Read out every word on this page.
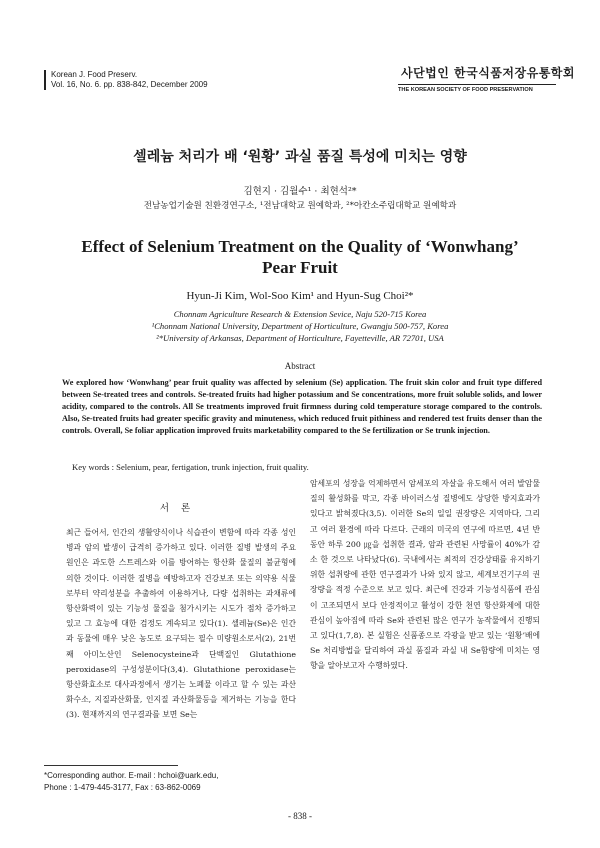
Korean J. Food Preserv.
Vol. 16, No. 6. pp. 838-842, December 2009
사단법인 한국식품저장유통학회
THE KOREAN SOCIETY OF FOOD PRESERVATION
셀레늄 처리가 배 ‘원황’ 과실 품질 특성에 미치는 영향
김현지 · 김월수¹ · 최현석²*
전남농업기술원 친환경연구소, ¹전남대학교 원예학과, ²*아칸소주립대학교 원예학과
Effect of Selenium Treatment on the Quality of ‘Wonwhang’
Pear Fruit
Hyun-Ji Kim, Wol-Soo Kim¹ and Hyun-Sug Choi²*
Chonnam Agriculture Research & Extension Sevice, Naju 520-715 Korea
¹Chonnam National University, Department of Horticulture, Gwangju 500-757, Korea
²*University of Arkansas, Department of Horticulture, Fayetteville, AR 72701, USA
Abstract
We explored how ‘Wonwhang’ pear fruit quality was affected by selenium (Se) application. The fruit skin color and fruit type differed between Se-treated trees and controls. Se-treated fruits had higher potassium and Se concentrations, more fruit soluble solids, and lower acidity, compared to the controls. All Se treatments improved fruit firmness during cold temperature storage compared to the controls. Also, Se-treated fruits had greater specific gravity and minuteness, which reduced fruit pithiness and rendered test fruits denser than the controls. Overall, Se foliar application improved fruits marketability compared to the Se fertilization or Se trunk injection.
Key words : Selenium, pear, fertigation, trunk injection, fruit quality.
서론
최근 들어서, 인간의 생활양식이나 식습관이 변함에 따라 각종 성인병과 암의 발생이 급격히 증가하고 있다. 이러한 질병 발생의 주요 원인은 과도한 스트레스와 이를 방어하는 항산화 물질의 불균형에 의한 것이다. 이러한 질병을 예방하고자 건강보조 또는 의약용 식물로부터 약리성분을 추출하여 이용하거나, 다량 섭취하는 과채류에 항산화력이 있는 기능성 물질을 첨가시키는 시도가 점차 증가하고 있고 그 효능에 대한 검정도 계속되고 있다(1). 셀레늄(Se)은 인간과 동물에 매우 낮은 농도로 요구되는 필수 미량원소로서(2), 21번째 아미노산인 Selenocysteine과 단백질인 Glutathione peroxidase의 구성성분이다(3,4). Glutathione peroxidase는 항산화효소로 대사과정에서 생기는 노폐물 이라고 할 수 있는 과산화수소, 지질과산화물, 인지질 과산화물등을 제거하는 기능을 한다(3). 현재까지의 연구결과를 보면 Se는
암세포의 성장을 억제하면서 암세포의 자살을 유도해서 여러 발암물질의 활성화를 막고, 각종 바이러스성 질병에도 상당한 방지효과가 있다고 밝혀졌다(3,5). 이러한 Se의 일일 권장량은 지역마다, 그리고 여러 환경에 따라 다르다. 근래의 미국의 연구에 따르면, 4년 반 동안 하루 200 ㎍을 섭취한 결과, 암과 관련된 사망률이 40%가 감소 한 것으로 나타났다(6). 국내에서는 최적의 건강상태를 유지하기 위한 섭취량에 관한 연구결과가 나와 있지 않고, 세계보건기구의 권장량을 적정 수준으로 보고 있다. 최근에 건강과 기능성식품에 관심이 고조되면서 보다 안정적이고 활성이 강한 천연 항산화제에 대한 관심이 높아짐에 따라 Se와 관련된 많은 연구가 농작물에서 진행되고 있다(1,7,8). 본 실험은 신품종으로 각광을 받고 있는 ‘원황’배에 Se 처리방법을 달리하여 과실 품질과 과실 내 Se함량에 미치는 영향을 알아보고자 수행하였다.
*Corresponding author. E-mail : hchoi@uark.edu,
Phone : 1-479-445-3177, Fax : 63-862-0069
- 838 -
